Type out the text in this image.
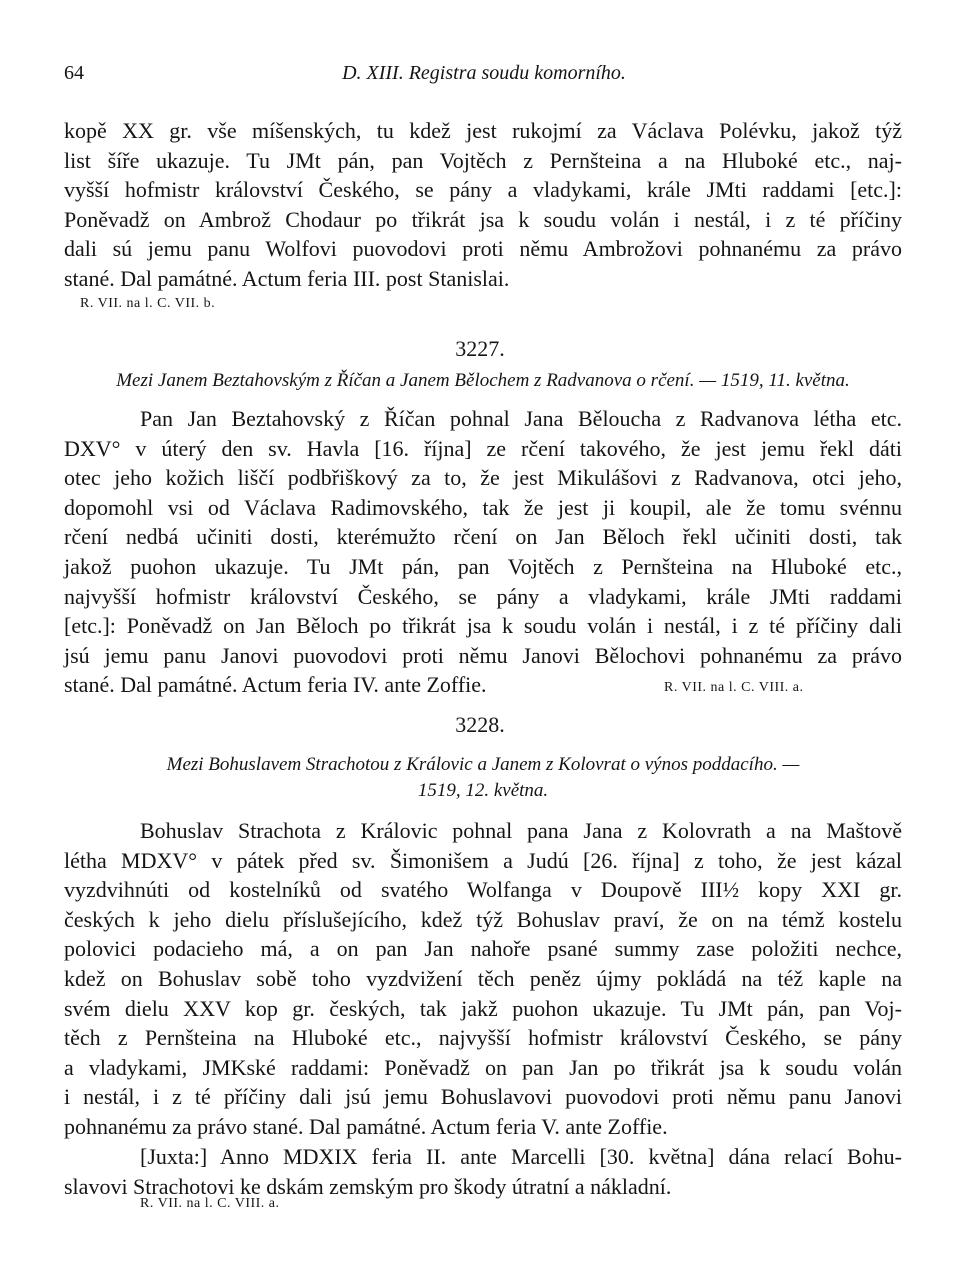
64	D. XIII. Registra soudu komorního.

kopě XX gr. vše míšenských, tu kdež jest rukojmí za Václava Polévku, jakož týž
list šíře ukazuje. Tu JMt pán, pan Vojtěch z Pernšteina a na Hluboké etc., naj-
vyšší hofmistr království Českého, se pány a vladykami, krále JMti raddami [etc.]:
Poněvadž on Ambrož Chodaur po třikrát jsa k soudu volán i nestál, i z té příčiny
dali sú jemu panu Wolfovi puovodovi proti němu Ambrožovi pohnanému za právo
stané. Dal památné. Actum feria III. post Stanislai.

R. VII. na l. C. VII. b.
3227.
Mezi Janem Beztahovským z Říčan a Janem Bělochem z Radvanova o rčení. — 1519, 11. května.

Pan Jan Beztahovský z Říčan pohnal Jana Běloucha z Radvanova létha etc.
DXV° v úterý den sv. Havla [16. října] ze rčení takového, že jest jemu řekl dáti
otec jeho kožich liščí podbřiškový za to, že jest Mikulášovi z Radvanova, otci jeho,
dopomohl vsi od Václava Radimovského, tak že jest ji koupil, ale že tomu svénnu
rčení nedbá učiniti dosti, kterémužto rčení on Jan Běloch řekl učiniti dosti, tak
jakož puohon ukazuje. Tu JMt pán, pan Vojtěch z Pernšteina na Hluboké etc.,
najvyšší hofmistr království Českého, se pány a vladykami, krále JMti raddami
[etc.]: Poněvadž on Jan Běloch po třikrát jsa k soudu volán i nestál, i z té příčiny dali
jsú jemu panu Janovi puovodovi proti němu Janovi Bělochovi pohnanému za právo
stané. Dal památné. Actum feria IV. ante Zoffie.	R. VII. na l. C. VIII. a.
3228.
Mezi Bohuslavem Strachotou z Královic a Janem z Kolovrat o výnos poddacího. —
1519, 12. května.

Bohuslav Strachota z Královic pohnal pana Jana z Kolovrath a na Maštově
létha MDXV° v pátek před sv. Šimonišem a Judú [26. října] z toho, že jest kázal
vyzdvihnúti od kostelníků od svatého Wolfanga v Doupově III½ kopy XXI gr.
českých k jeho dielu příslušejícího, kdež týž Bohuslav praví, že on na témž kostelu
polovici podacieho má, a on pan Jan nahoře psané summy zase položiti nechce,
kdež on Bohuslav sobě toho vyzdvižení těch peněz újmy pokládá na též kaple na
svém dielu XXV kop gr. českých, tak jakž puohon ukazuje. Tu JMt pán, pan Voj-
těch z Pernšteina na Hluboké etc., najvyšší hofmistr království Českého, se pány
a vladykami, JMKské raddami: Poněvadž on pan Jan po třikrát jsa k soudu volán
i nestál, i z té příčiny dali jsú jemu Bohuslavovi puovodovi proti němu panu Janovi
pohnanému za právo stané. Dal památné. Actum feria V. ante Zoffie.

[Juxta:] Anno MDXIX feria II. ante Marcelli [30. května] dána relací Bohu-
slavovi Strachotovi ke dskám zemským pro škody útratní a nákladní.

R. VII. na l. C. VIII. a.
